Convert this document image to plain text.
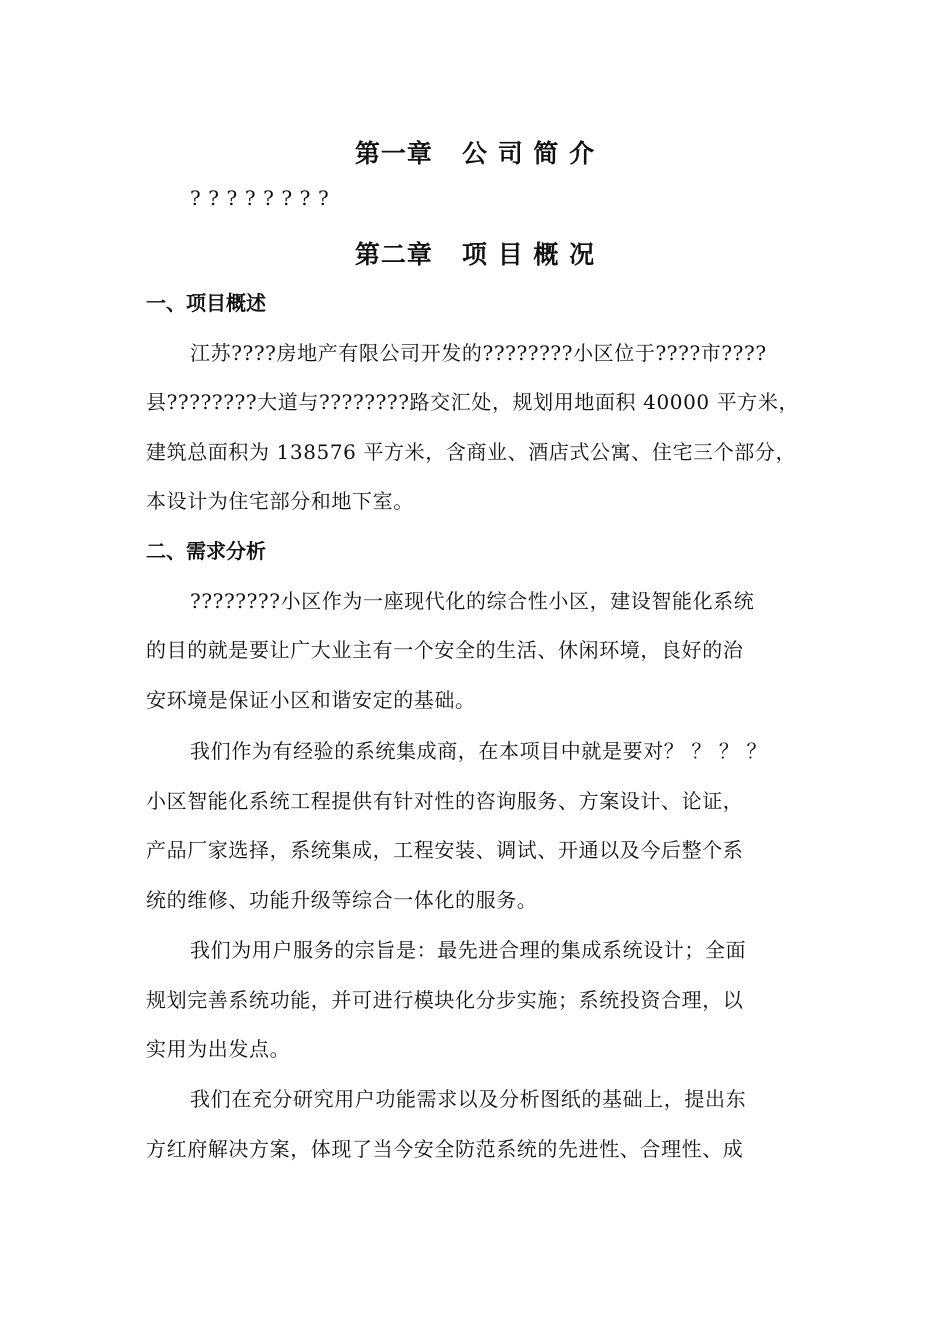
第一章   公 司 简 介
? ? ? ? ? ? ? ?
第二章   项 目 概 况
一、项目概述
江苏????房地产有限公司开发的????????小区位于????市????
县????????大道与????????路交汇处，规划用地面积 40000 平方米，
建筑总面积为 138576 平方米，含商业、酒店式公寓、住宅三个部分，
本设计为住宅部分和地下室。
二、需求分析
????????小区作为一座现代化的综合性小区，建设智能化系统
的目的就是要让广大业主有一个安全的生活、休闲环境，良好的治
安环境是保证小区和谐安定的基础。
我们作为有经验的系统集成商，在本项目中就是要对？ ？ ？ ？
小区智能化系统工程提供有针对性的咨询服务、方案设计、论证，
产品厂家选择，系统集成，工程安装、调试、开通以及今后整个系
统的维修、功能升级等综合一体化的服务。
我们为用户服务的宗旨是：最先进合理的集成系统设计；全面
规划完善系统功能，并可进行模块化分步实施；系统投资合理，以
实用为出发点。
我们在充分研究用户功能需求以及分析图纸的基础上，提出东
方红府解决方案，体现了当今安全防范系统的先进性、合理性、成
